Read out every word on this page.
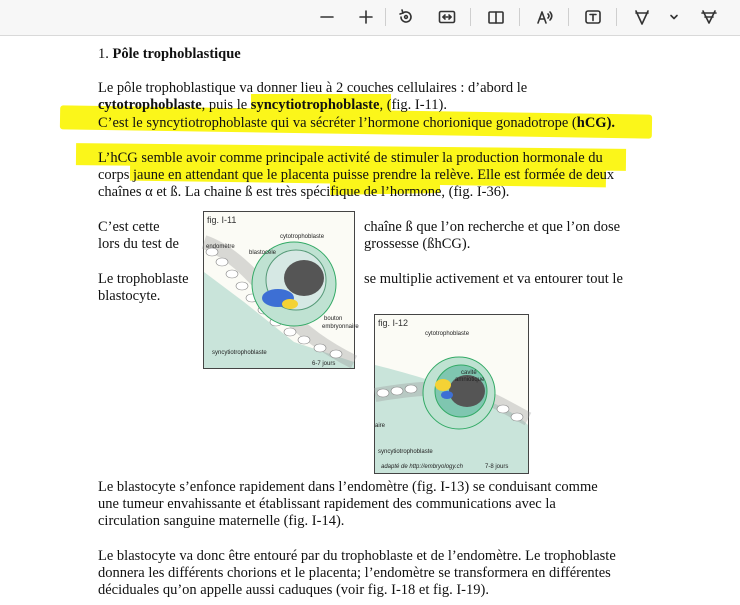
1. Pôle trophoblastique
Le pôle trophoblastique va donner lieu à 2 couches cellulaires : d’abord le
cytotrophoblaste, puis le syncytiotrophoblaste, (fig. I-11).
C’est le syncytiotrophoblaste qui va sécréter l’hormone chorionique gonadotrope (hCG).
L’hCG semble avoir comme principale activité de stimuler la production hormonale du
corps jaune en attendant que le placenta puisse prendre la relève. Elle est formée de deux
chaînes α et ß. La chaine ß est très spécifique de l’hormone, (fig. I-36).
C’est cette
lors du test de
chaîne ß que l’on recherche et que l’on dose
grossesse (ßhCG).
Le trophoblaste
blastocyte.
se multiplie activement et va entourer tout le
fig. I-11
endomètre
cytotrophoblaste
blastocèle
bouton
embryonnaire
syncytiotrophoblaste
6-7 jours
fig. I-12
cytotrophoblaste
cavité
amniotique
aire
syncytiotrophoblaste
adapté de http://embryology.ch	7-8 jours
Le blastocyte s’enfonce rapidement dans l’endomètre (fig. I-13) se conduisant comme
une tumeur envahissante et établissant rapidement des communications avec la
circulation sanguine maternelle (fig. I-14).
Le blastocyte va donc être entouré par du trophoblaste et de l’endomètre. Le trophoblaste
donnera les différents chorions et le placenta; l’endomètre se transformera en différentes
déciduales qu’on appelle aussi caduques (voir fig. I-18 et fig. I-19).
